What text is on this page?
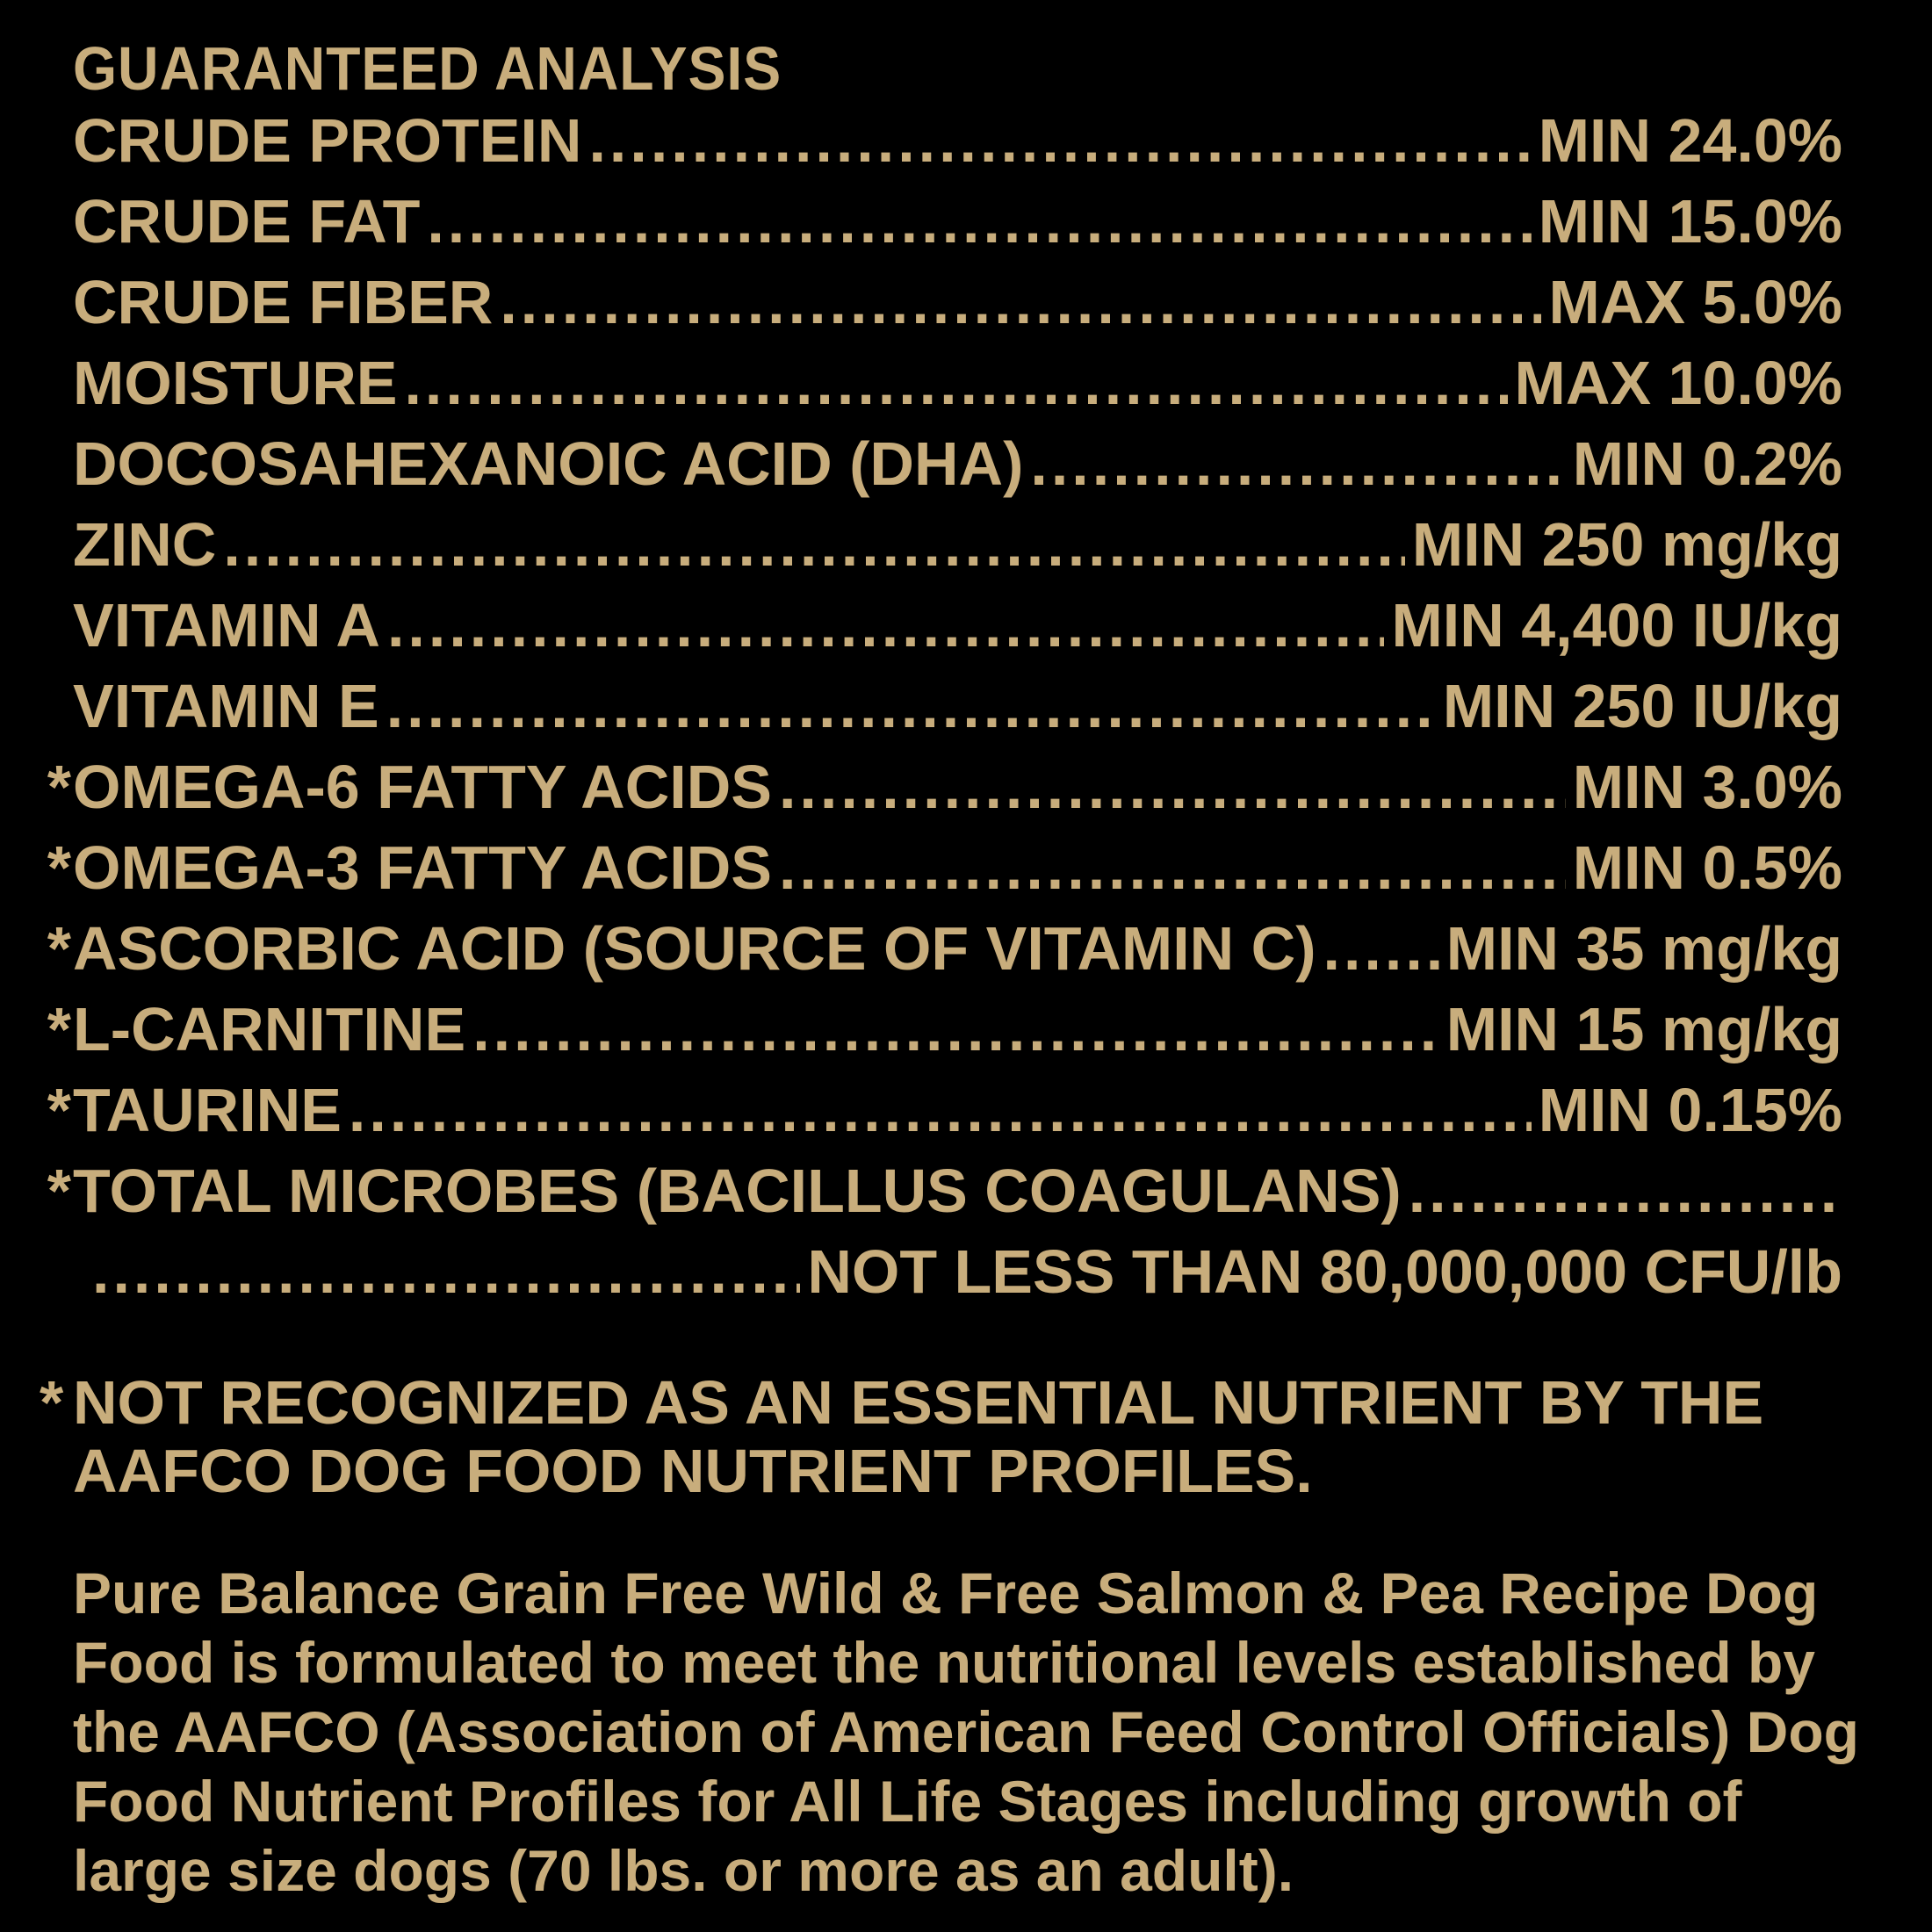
GUARANTEED ANALYSIS
CRUDE PROTEIN .....	MIN 24.0%
CRUDE FAT .....	MIN 15.0%
CRUDE FIBER .....	MAX 5.0%
MOISTURE .....	MAX 10.0%
DOCOSAHEXANOIC ACID (DHA) .....	MIN 0.2%
ZINC .....	MIN 250 mg/kg
VITAMIN A .....	MIN 4,400 IU/kg
VITAMIN E .....	MIN 250 IU/kg
* OMEGA-6 FATTY ACIDS .....	MIN 3.0%
* OMEGA-3 FATTY ACIDS .....	MIN 0.5%
* ASCORBIC ACID (SOURCE OF VITAMIN C) ..... MIN 35 mg/kg
* L-CARNITINE .....	MIN 15 mg/kg
* TAURINE .....	MIN 0.15%
* TOTAL MICROBES (BACILLUS COAGULANS)
.....
.....
NOT LESS THAN 80,000,000 CFU/lb
* NOT RECOGNIZED AS AN ESSENTIAL NUTRIENT BY THE AAFCO DOG FOOD NUTRIENT PROFILES.
Pure Balance Grain Free Wild & Free Salmon & Pea Recipe Dog Food is formulated to meet the nutritional levels established by the AAFCO (Association of American Feed Control Officials) Dog Food Nutrient Profiles for All Life Stages including growth of large size dogs (70 lbs. or more as an adult).
